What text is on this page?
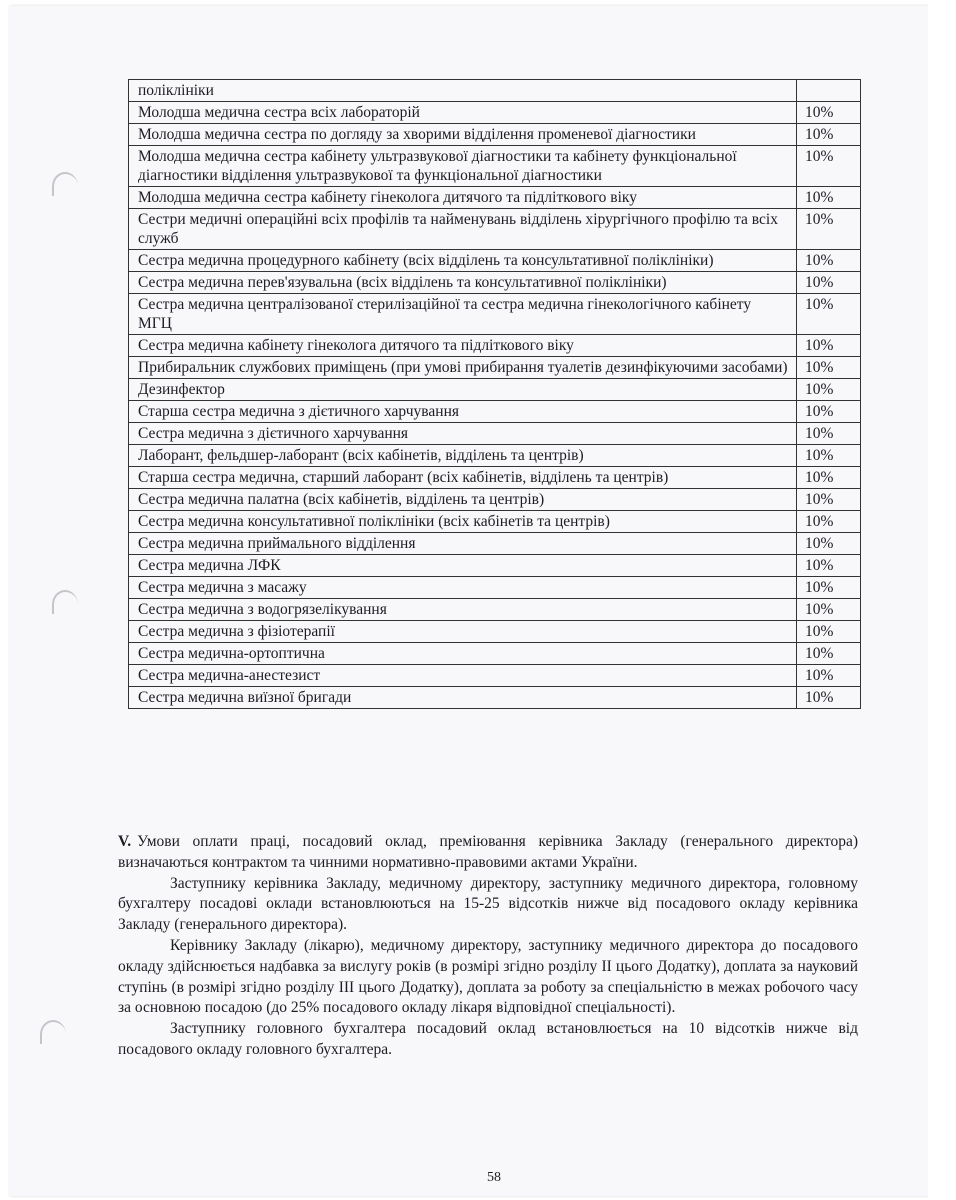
поліклініки	
Молодша медична сестра всіх лабораторій	10%
Молодша медична сестра по догляду за хворими відділення променевої діагностики	10%
Молодша медична сестра кабінету ультразвукової діагностики та кабінету функціональної діагностики відділення ультразвукової та функціональної діагностики	10%
Молодша медична сестра кабінету гінеколога дитячого та підліткового віку	10%
Сестри медичні операційні всіх профілів та найменувань відділень хірургічного профілю та всіх служб	10%
Сестра медична процедурного кабінету (всіх відділень та консультативної поліклініки)	10%
Сестра медична перев'язувальна (всіх відділень та консультативної поліклініки)	10%
Сестра медична централізованої стерилізаційної та сестра медична гінекологічного кабінету МГЦ	10%
Сестра медична кабінету гінеколога дитячого та підліткового віку	10%
Прибиральник службових приміщень (при умові прибирання туалетів дезинфікуючими засобами)	10%
Дезинфектор	10%
Старша сестра медична з дієтичного харчування	10%
Сестра медична з дієтичного харчування	10%
Лаборант, фельдшер-лаборант (всіх кабінетів, відділень та центрів)	10%
Старша сестра медична, старший лаборант (всіх кабінетів, відділень та центрів)	10%
Сестра медична палатна (всіх кабінетів, відділень та центрів)	10%
Сестра медична консультативної поліклініки (всіх кабінетів та центрів)	10%
Сестра медична приймального відділення	10%
Сестра медична ЛФК	10%
Сестра медична з масажу	10%
Сестра медична з водогрязелікування	10%
Сестра медична з фізіотерапії	10%
Сестра медична-ортоптична	10%
Сестра медична-анестезист	10%
Сестра медична виїзної бригади	10%

V. Умови оплати праці, посадовий оклад, преміювання керівника Закладу (генерального директора) визначаються контрактом та чинними нормативно-правовими актами України.

Заступнику керівника Закладу, медичному директору, заступнику медичного директора, головному бухгалтеру посадові оклади встановлюються на 15-25 відсотків нижче від посадового окладу керівника Закладу (генерального директора).

Керівнику Закладу (лікарю), медичному директору, заступнику медичного директора до посадового окладу здійснюється надбавка за вислугу років (в розмірі згідно розділу II цього Додатку), доплата за науковий ступінь (в розмірі згідно розділу III цього Додатку), доплата за роботу за спеціальністю в межах робочого часу за основною посадою (до 25% посадового окладу лікаря відповідної спеціальності).

Заступнику головного бухгалтера посадовий оклад встановлюється на 10 відсотків нижче від посадового окладу головного бухгалтера.

58
